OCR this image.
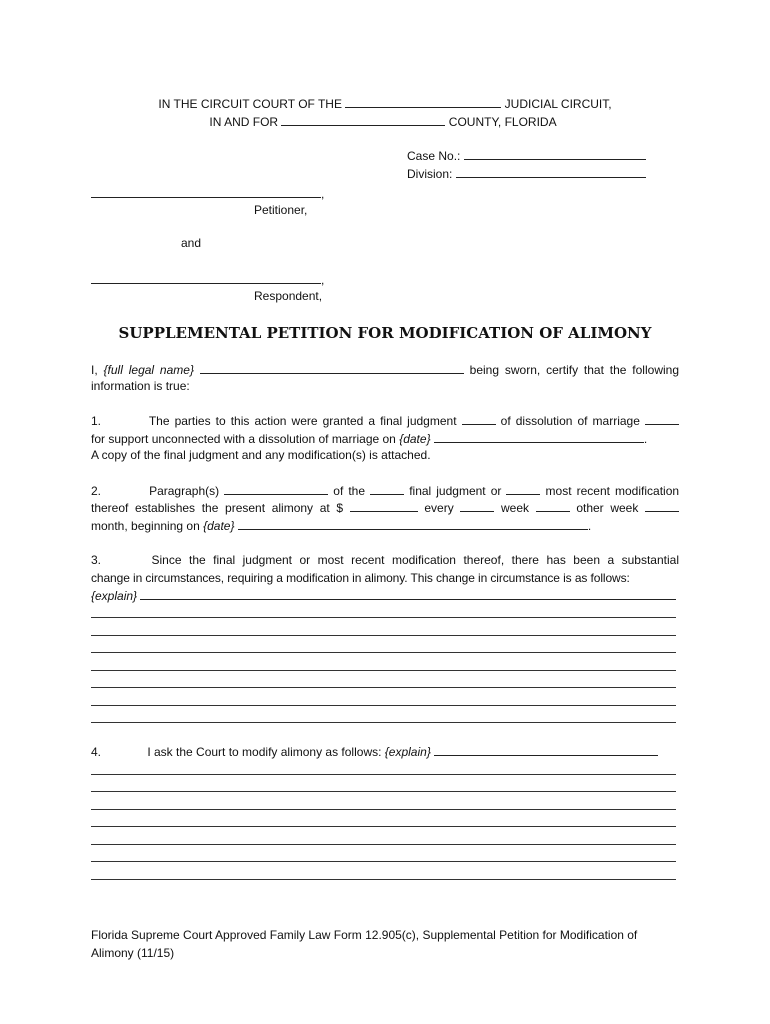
IN THE CIRCUIT COURT OF THE	JUDICIAL CIRCUIT,
IN AND FOR	COUNTY, FLORIDA
Case No.:
Division:
,
Petitioner,
and
,
Respondent,
SUPPLEMENTAL PETITION FOR MODIFICATION OF ALIMONY
I, {full legal name}	being sworn, certify that the following
information is true:
1.	The parties to this action were granted a final judgment	of dissolution of marriage
for support unconnected with a dissolution of marriage on {date}	.
A copy of the final judgment and any modification(s) is attached.
2.	Paragraph(s)	of the	final judgment or	most recent modification
thereof establishes the present alimony at $	every	week	other week
month, beginning on {date}	.
3.	Since the final judgment or most recent modification thereof, there has been a substantial
change in circumstances, requiring a modification in alimony. This change in circumstance is as follows:
{explain}
4.	I ask the Court to modify alimony as follows: {explain}
Florida Supreme Court Approved Family Law Form 12.905(c), Supplemental Petition for Modification of
Alimony (11/15)
